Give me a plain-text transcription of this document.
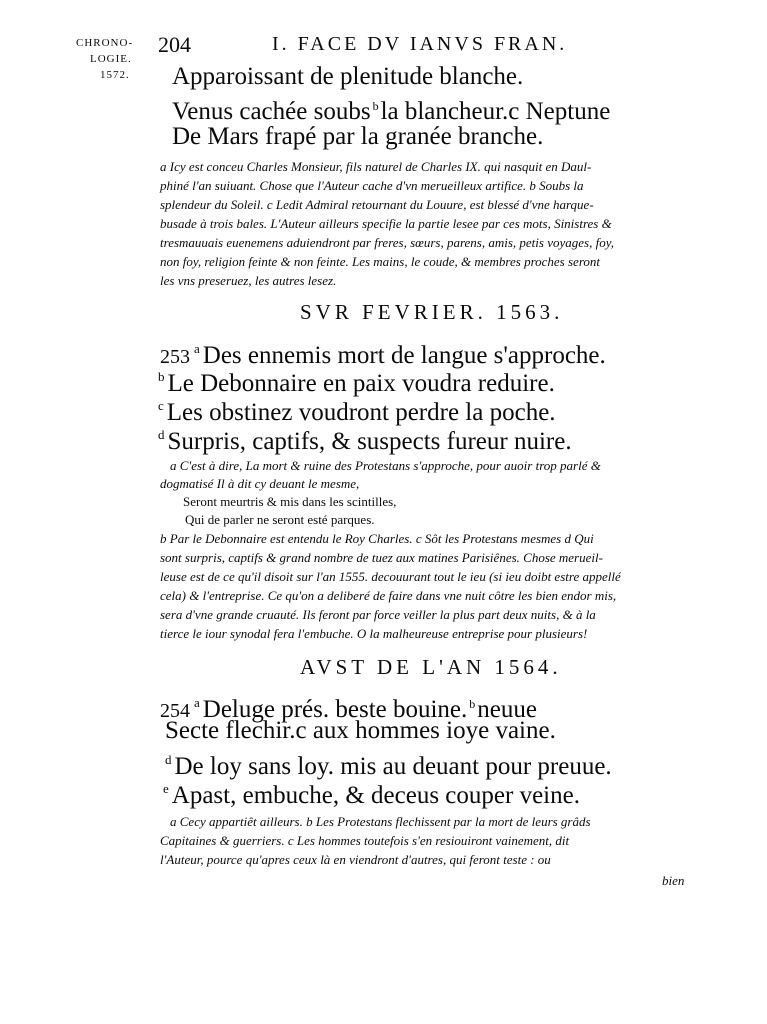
CHRONO-
LOGIE.
1572.
204	I. FACE DV IANVS FRAN.
Apparoissant de plenitude blanche.
Venus cachée soubs $^b$la blancheur.c Neptune
De Mars frapé par la granée branche.
a Icy est conceu Charles Monsieur, fils naturel de Charles IX. qui nasquit en Daul-
phiné l'an suiuant. Chose que l'Auteur cache d'vn merueilleux artifice. b Soubs la
splendeur du Soleil. c Ledit Admiral retournant du Louure, est blessé d'vne harque-
busade à trois bales. L'Auteur ailleurs specifie la partie lesee par ces mots, Sinistres &
tresmauuais euenemens aduiendront par freres, sœurs, parens, amis, petis voyages, foy,
non foy, religion feinte & non feinte. Les mains, le coude, & membres proches seront
les vns preseruez, les autres lesez.
SVR FEVRIER. 1563.
253 $^a$ Des ennemis mort de langue s'approche.
$^b$ Le Debonnaire en paix voudra reduire.
$^c$ Les obstinez voudront perdre la poche.
$^d$ Surpris, captifs, & suspects fureur nuire.
a C'est à dire, La mort & ruine des Protestans s'approche, pour auoir trop parlé &
dogmatisé Il à dit cy deuant le mesme,
Seront meurtris & mis dans les scintilles,
Qui de parler ne seront esté parques.
b Par le Debonnaire est entendu le Roy Charles. c Sôt les Protestans mesmes d Qui
sont surpris, captifs & grand nombre de tuez aux matines Parisiênes. Chose merueil-
leuse est de ce qu'il disoit sur l'an 1555. decouurant tout le ieu (si ieu doibt estre appellé
cela) & l'entreprise. Ce qu'on a deliberé de faire dans vne nuit côtre les bien endor mis,
sera d'vne grande cruauté. Ils feront par force veiller la plus part deux nuits, & à la
tierce le iour synodal fera l'embuche. O la malheureuse entreprise pour plusieurs!
AVST DE L'AN 1564.
254 $^a$ Deluge prés. beste bouine. $^b$neuue
Secte flechir.c aux hommes ioye vaine.
$^d$ De loy sans loy. mis au deuant pour preuue.
$^e$ Apast, embuche, & deceus couper veine.
a Cecy appartiêt ailleurs. b Les Protestans flechissent par la mort de leurs grâds
Capitaines & guerriers. c Les hommes toutefois s'en resiouiront vainement, dit
l'Auteur, pource qu'apres ceux là en viendront d'autres, qui feront teste : ou
bien
